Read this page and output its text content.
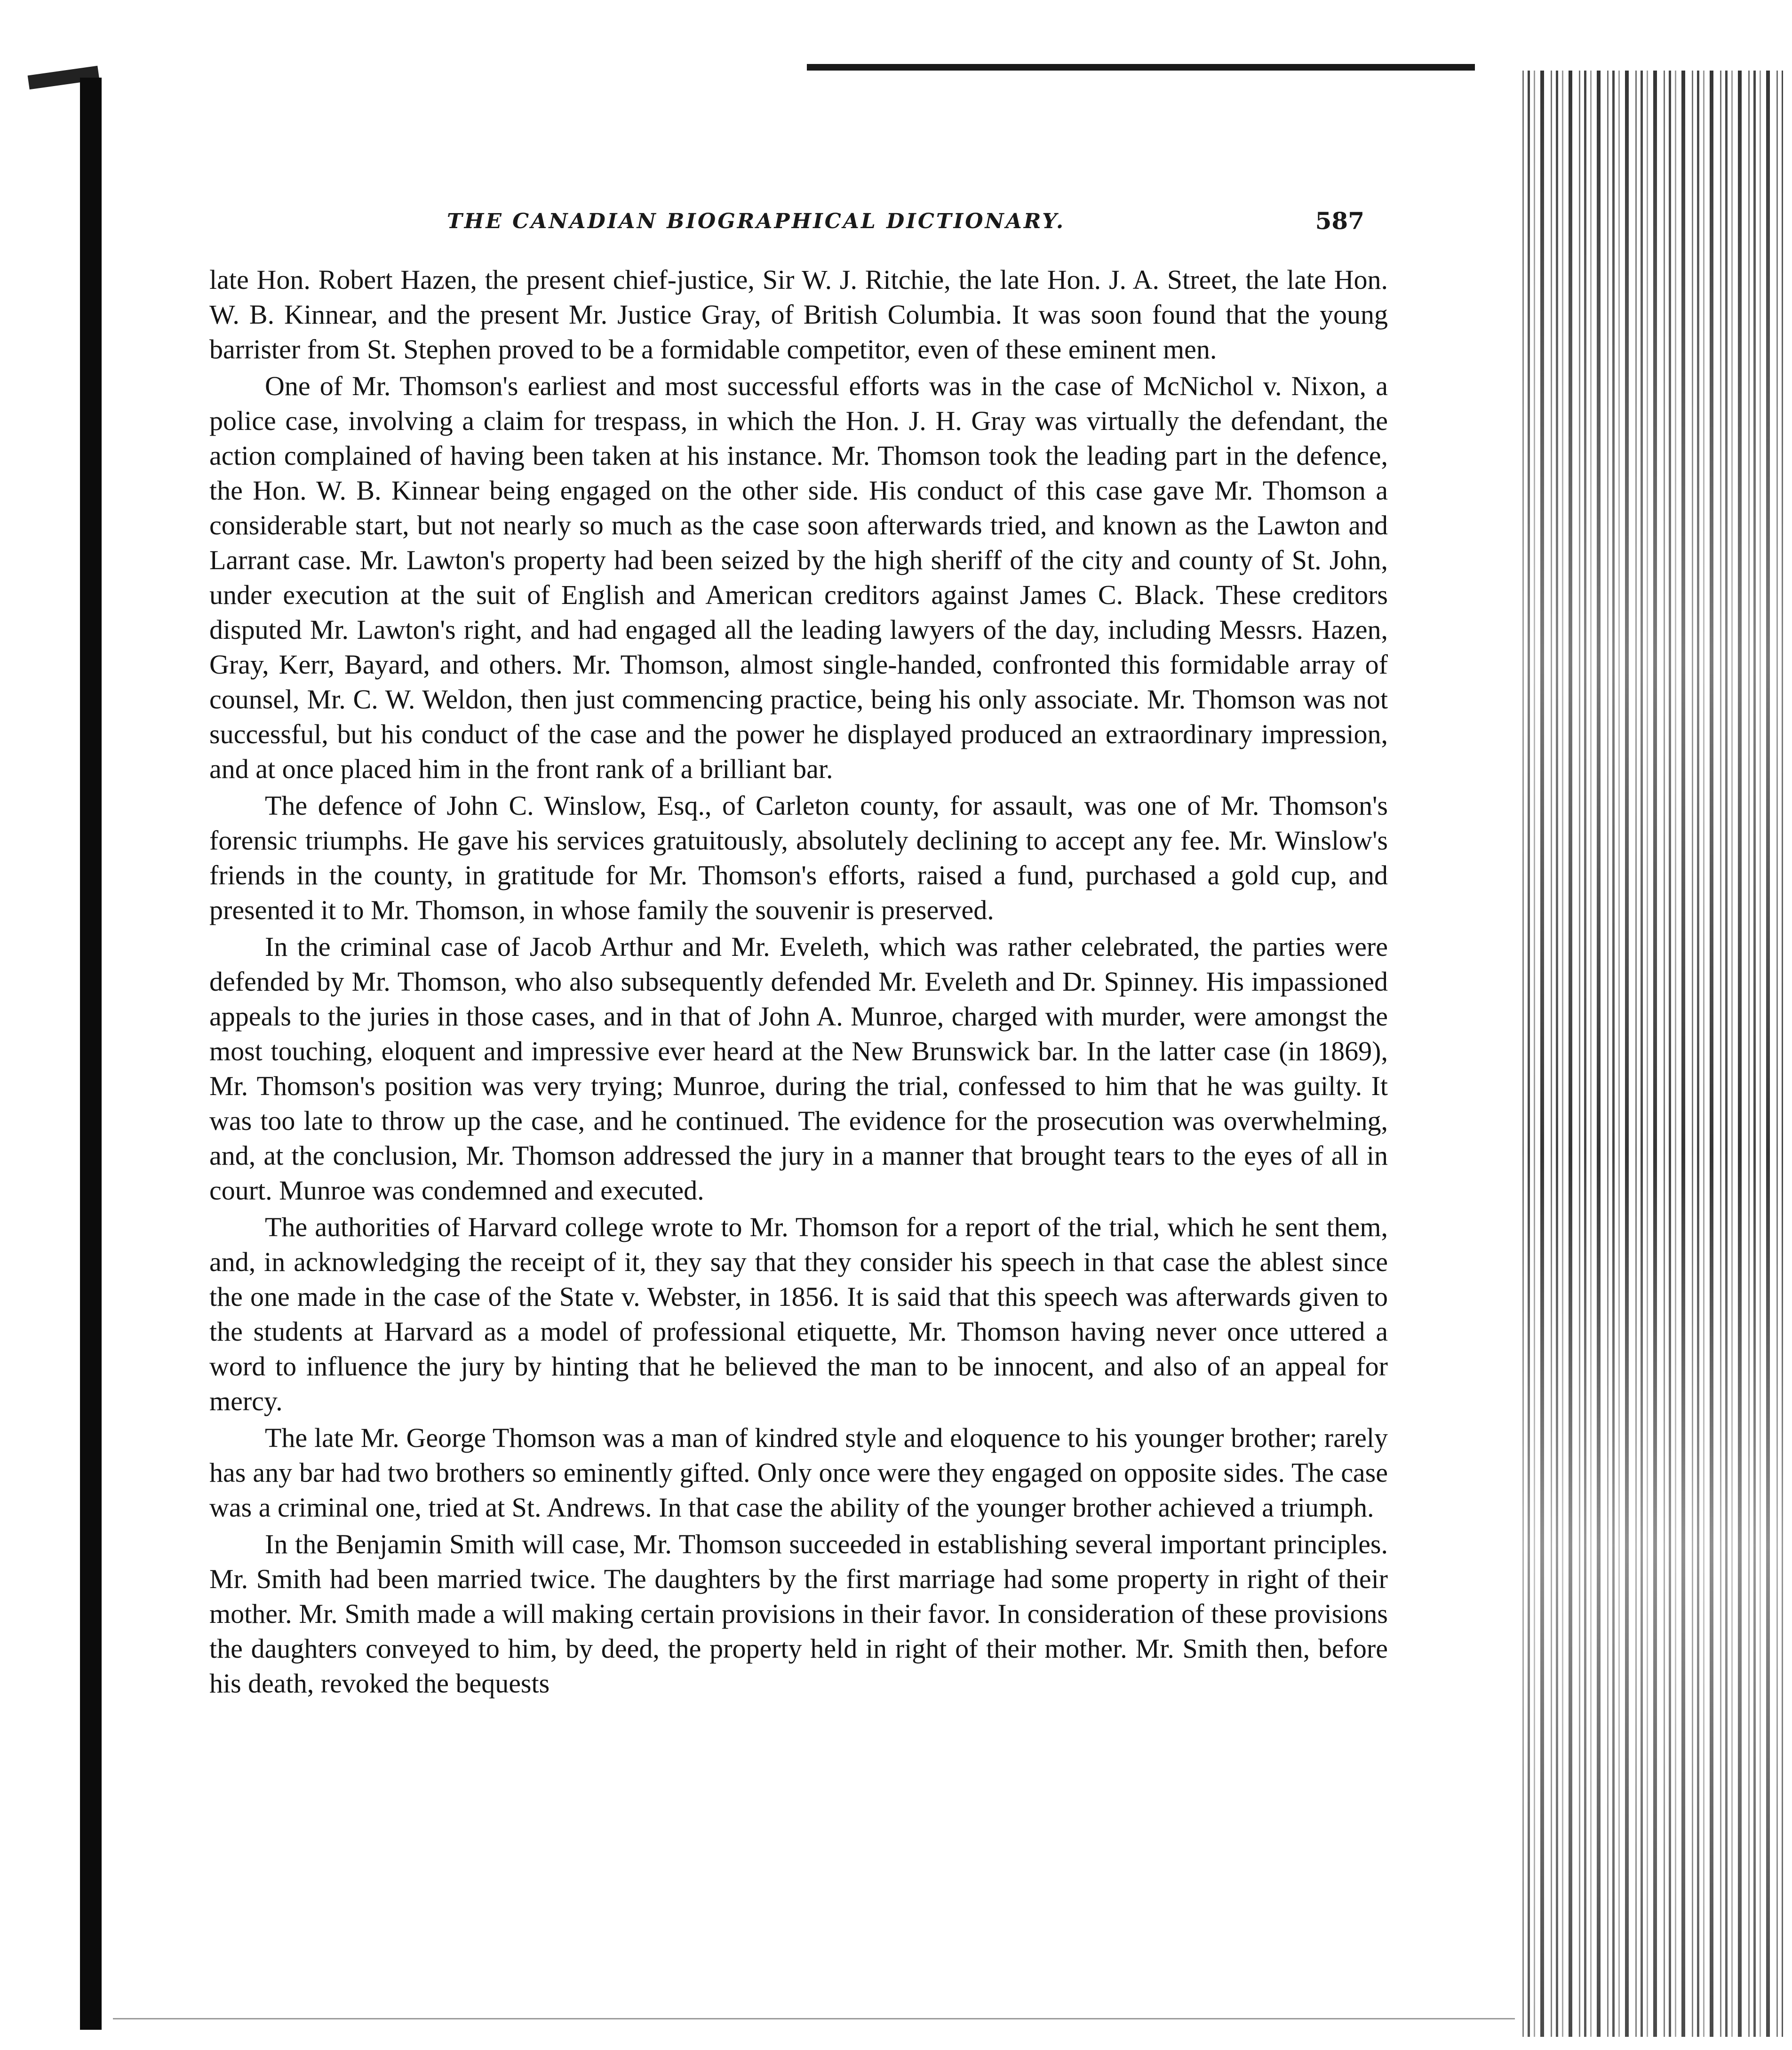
THE CANADIAN BIOGRAPHICAL DICTIONARY.	587

late Hon. Robert Hazen, the present chief-justice, Sir W. J. Ritchie, the late Hon. J. A. Street, the late Hon. W. B. Kinnear, and the present Mr. Justice Gray, of British Columbia. It was soon found that the young barrister from St. Stephen proved to be a formidable competitor, even of these eminent men.

One of Mr. Thomson's earliest and most successful efforts was in the case of McNichol v. Nixon, a police case, involving a claim for trespass, in which the Hon. J. H. Gray was virtually the defendant, the action complained of having been taken at his instance. Mr. Thomson took the leading part in the defence, the Hon. W. B. Kinnear being engaged on the other side. His conduct of this case gave Mr. Thomson a considerable start, but not nearly so much as the case soon afterwards tried, and known as the Lawton and Larrant case. Mr. Lawton's property had been seized by the high sheriff of the city and county of St. John, under execution at the suit of English and American creditors against James C. Black. These creditors disputed Mr. Lawton's right, and had engaged all the leading lawyers of the day, including Messrs. Hazen, Gray, Kerr, Bayard, and others. Mr. Thomson, almost single-handed, confronted this formidable array of counsel, Mr. C. W. Weldon, then just commencing practice, being his only associate. Mr. Thomson was not successful, but his conduct of the case and the power he displayed produced an extraordinary impression, and at once placed him in the front rank of a brilliant bar.

The defence of John C. Winslow, Esq., of Carleton county, for assault, was one of Mr. Thomson's forensic triumphs. He gave his services gratuitously, absolutely declining to accept any fee. Mr. Winslow's friends in the county, in gratitude for Mr. Thomson's efforts, raised a fund, purchased a gold cup, and presented it to Mr. Thomson, in whose family the souvenir is preserved.

In the criminal case of Jacob Arthur and Mr. Eveleth, which was rather celebrated, the parties were defended by Mr. Thomson, who also subsequently defended Mr. Eveleth and Dr. Spinney. His impassioned appeals to the juries in those cases, and in that of John A. Munroe, charged with murder, were amongst the most touching, eloquent and impressive ever heard at the New Brunswick bar. In the latter case (in 1869), Mr. Thomson's position was very trying; Munroe, during the trial, confessed to him that he was guilty. It was too late to throw up the case, and he continued. The evidence for the prosecution was overwhelming, and, at the conclusion, Mr. Thomson addressed the jury in a manner that brought tears to the eyes of all in court. Munroe was condemned and executed.

The authorities of Harvard college wrote to Mr. Thomson for a report of the trial, which he sent them, and, in acknowledging the receipt of it, they say that they consider his speech in that case the ablest since the one made in the case of the State v. Webster, in 1856. It is said that this speech was afterwards given to the students at Harvard as a model of professional etiquette, Mr. Thomson having never once uttered a word to influence the jury by hinting that he believed the man to be innocent, and also of an appeal for mercy.

The late Mr. George Thomson was a man of kindred style and eloquence to his younger brother; rarely has any bar had two brothers so eminently gifted. Only once were they engaged on opposite sides. The case was a criminal one, tried at St. Andrews. In that case the ability of the younger brother achieved a triumph.

In the Benjamin Smith will case, Mr. Thomson succeeded in establishing several important principles. Mr. Smith had been married twice. The daughters by the first marriage had some property in right of their mother. Mr. Smith made a will making certain provisions in their favor. In consideration of these provisions the daughters conveyed to him, by deed, the property held in right of their mother. Mr. Smith then, before his death, revoked the bequests
